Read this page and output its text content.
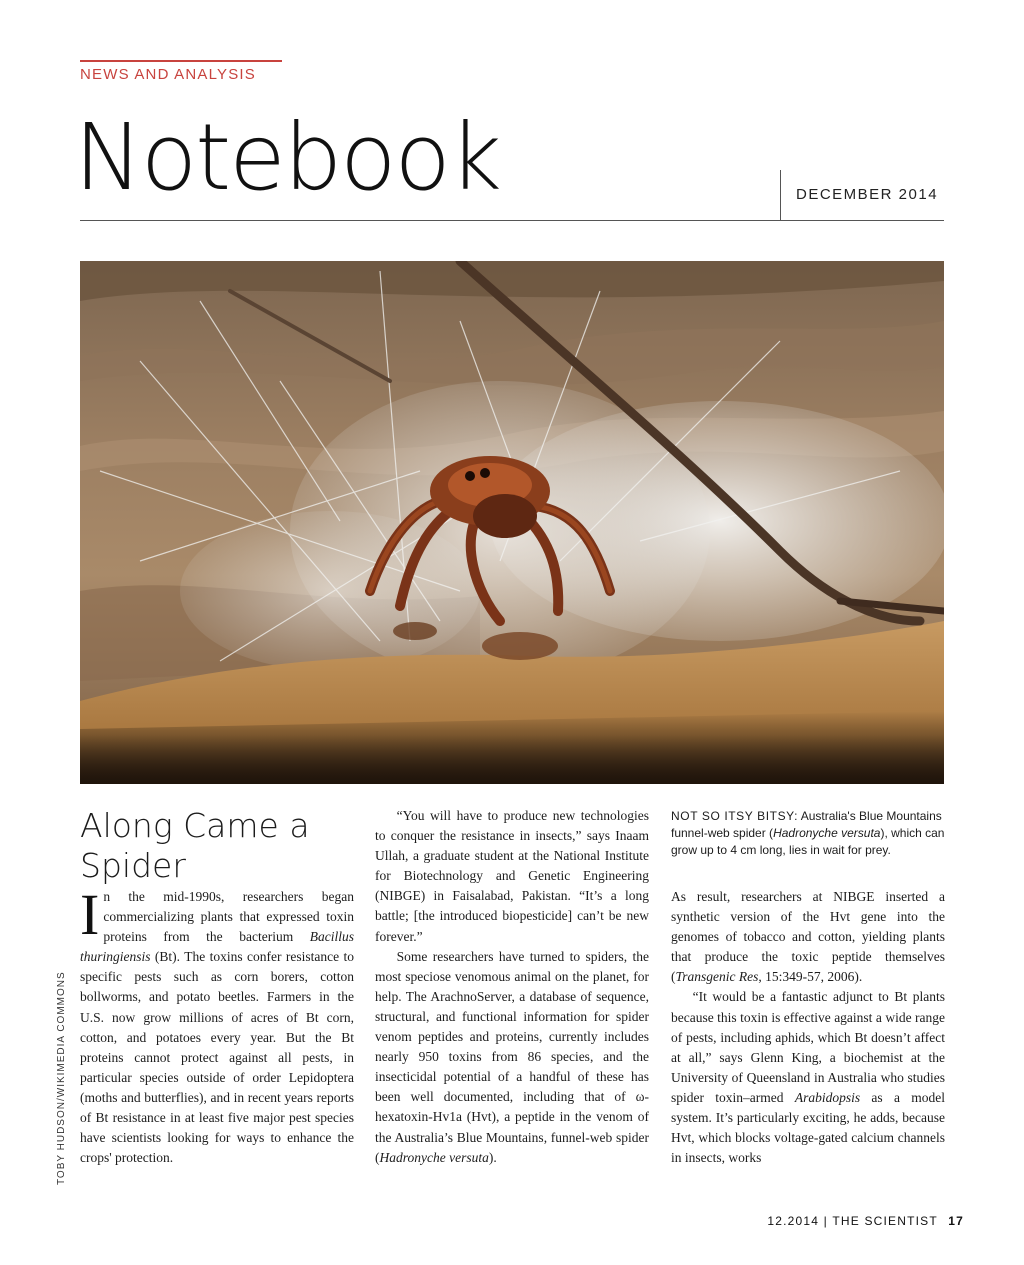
NEWS AND ANALYSIS
Notebook	DECEMBER 2014
TOBY HUDSON/WIKIMEDIA COMMONS
NOT SO ITSY BITSY: Australia's Blue Mountains funnel-web spider (Hadronyche versuta), which can grow up to 4 cm long, lies in wait for prey.
Along Came a Spider

In the mid-1990s, researchers began commercializing plants that expressed toxin proteins from the bacterium Bacillus thuringiensis (Bt). The toxins confer resistance to specific pests such as corn borers, cotton bollworms, and potato beetles. Farmers in the U.S. now grow millions of acres of Bt corn, cotton, and potatoes every year. But the Bt proteins cannot protect against all pests, in particular species outside of order Lepidoptera (moths and butterflies), and in recent years reports of Bt resistance in at least five major pest species have scientists looking for ways to enhance the crops' protection.

“You will have to produce new technologies to conquer the resistance in insects,” says Inaam Ullah, a graduate student at the National Institute for Biotechnology and Genetic Engineering (NIBGE) in Faisalabad, Pakistan. “It’s a long battle; [the introduced biopesticide] can’t be new forever.”

Some researchers have turned to spiders, the most speciose venomous animal on the planet, for help. The ArachnoServer, a database of sequence, structural, and functional information for spider venom peptides and proteins, currently includes nearly 950 toxins from 86 species, and the insecticidal potential of a handful of these has been well documented, including that of ω-hexatoxin-Hv1a (Hvt), a peptide in the venom of the Australia’s Blue Mountains, funnel-web spider (Hadronyche versuta).

As result, researchers at NIBGE inserted a synthetic version of the Hvt gene into the genomes of tobacco and cotton, yielding plants that produce the toxic peptide themselves (Transgenic Res, 15:349-57, 2006).

“It would be a fantastic adjunct to Bt plants because this toxin is effective against a wide range of pests, including aphids, which Bt doesn’t affect at all,” says Glenn King, a biochemist at the University of Queensland in Australia who studies spider toxin–armed Arabidopsis as a model system. It’s particularly exciting, he adds, because Hvt, which blocks voltage-gated calcium channels in insects, works

12.2014 | THE SCIENTIST 17
